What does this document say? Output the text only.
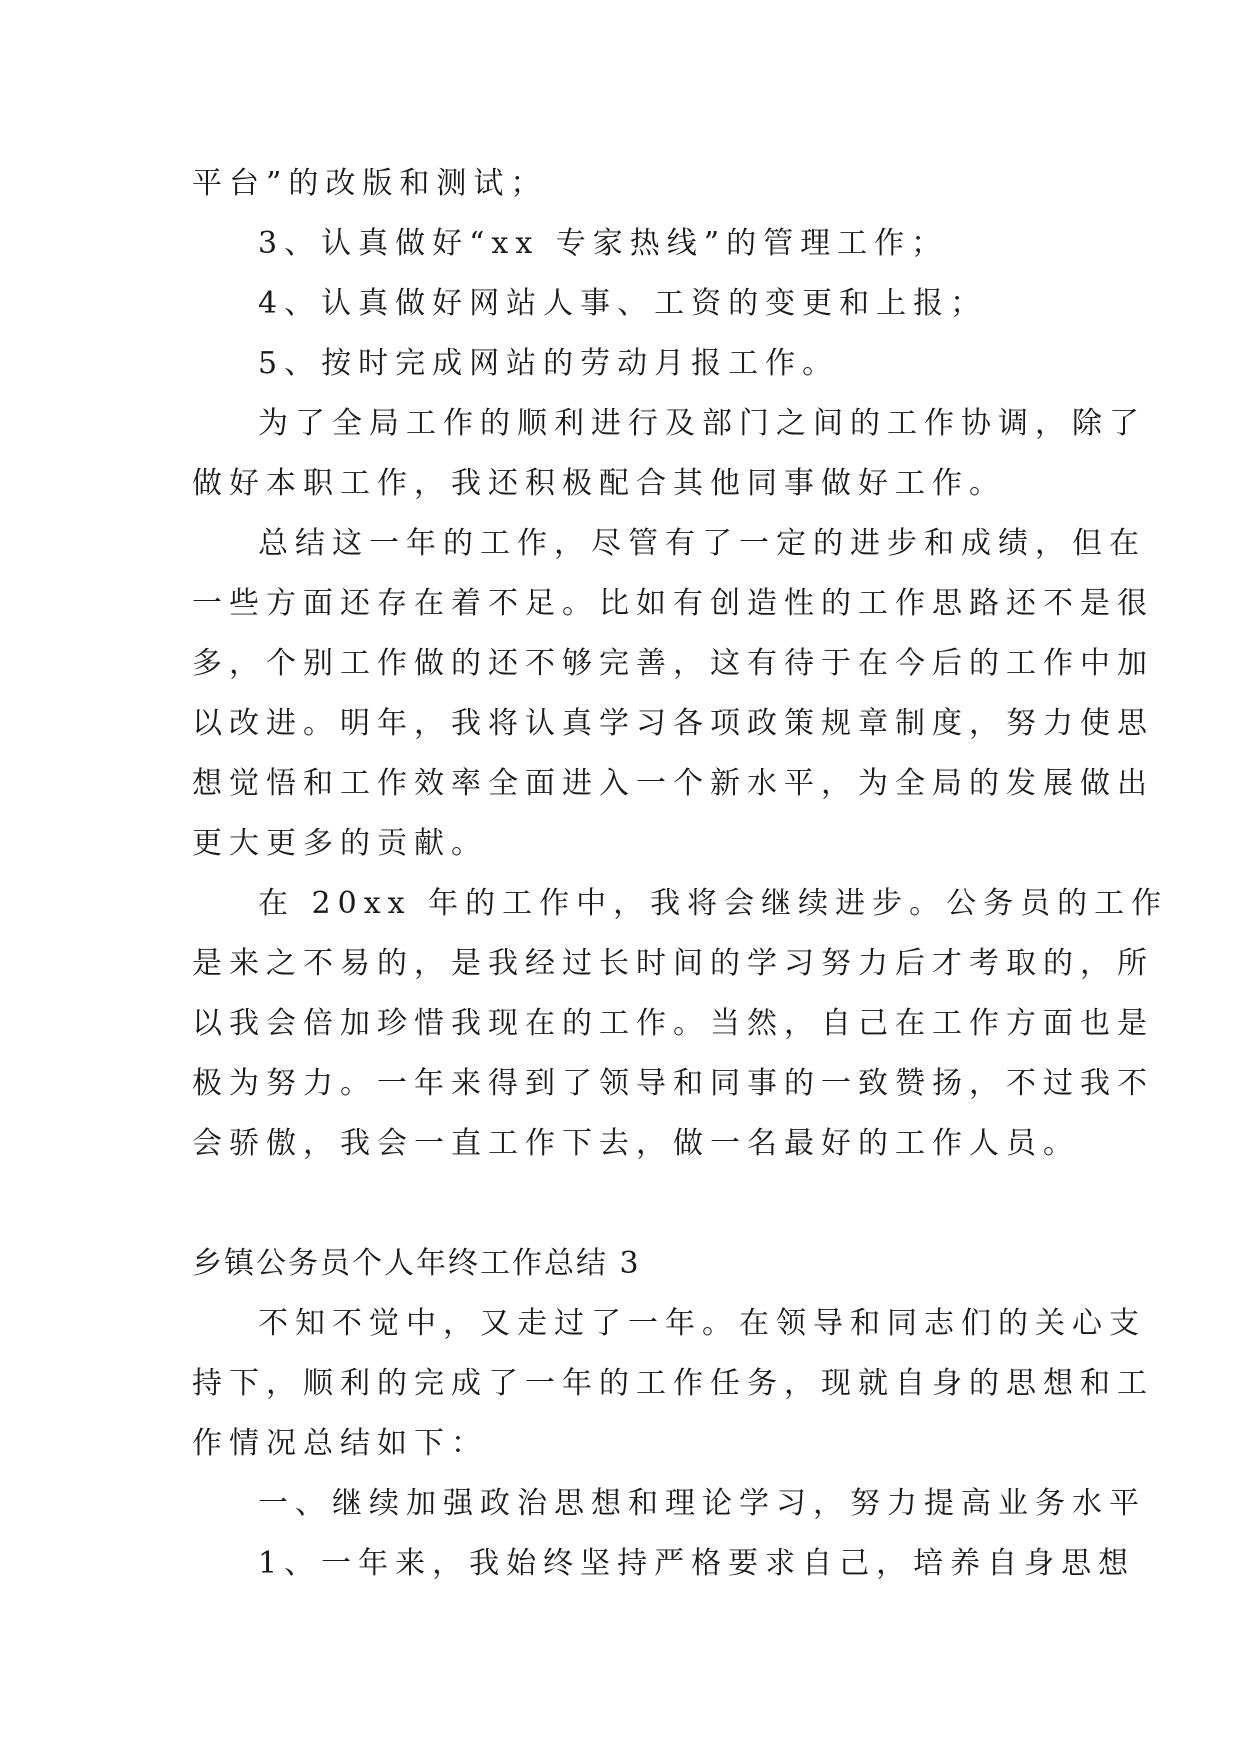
平台”的改版和测试；
3、认真做好“xx 专家热线”的管理工作；
4、认真做好网站人事、工资的变更和上报；
5、按时完成网站的劳动月报工作。
为了全局工作的顺利进行及部门之间的工作协调，除了
做好本职工作，我还积极配合其他同事做好工作。
总结这一年的工作，尽管有了一定的进步和成绩，但在
一些方面还存在着不足。比如有创造性的工作思路还不是很
多，个别工作做的还不够完善，这有待于在今后的工作中加
以改进。明年，我将认真学习各项政策规章制度，努力使思
想觉悟和工作效率全面进入一个新水平，为全局的发展做出
更大更多的贡献。
在 20xx 年的工作中，我将会继续进步。公务员的工作
是来之不易的，是我经过长时间的学习努力后才考取的，所
以我会倍加珍惜我现在的工作。当然，自己在工作方面也是
极为努力。一年来得到了领导和同事的一致赞扬，不过我不
会骄傲，我会一直工作下去，做一名最好的工作人员。
乡镇公务员个人年终工作总结 3
不知不觉中，又走过了一年。在领导和同志们的关心支
持下，顺利的完成了一年的工作任务，现就自身的思想和工
作情况总结如下：
一、继续加强政治思想和理论学习，努力提高业务水平
1、一年来，我始终坚持严格要求自己，培养自身思想
